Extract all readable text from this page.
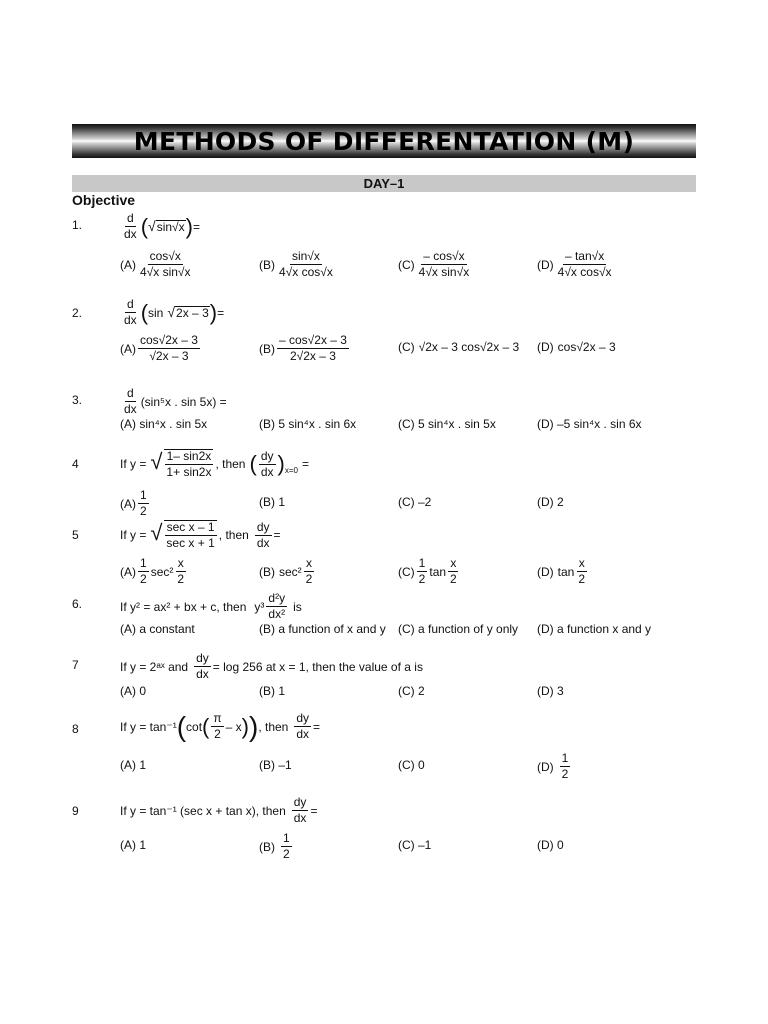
METHODS OF DIFFERENTATION (M)
DAY–1
Objective
1.	$\frac{d}{dx}$ ( √ sin√x ) =
$(A) \frac{\cos√x}{\text{4√x sin√x}}$	$(B) \frac{\sin√x}{\text{4√x cos√x}}$	$(C) \frac{- \cos√x}{\text{4√x sin√x}}$	$(D) \frac{- \tan√x}{\text{4√x cos√x}}$
2.	$\frac{d}{dx}$ ( sin √ 2x – 3 ) =
$(A) \frac{\cos√2x - 3}{√2x - 3}$	$(B) \frac{- \cos√2x - 3}{2√2x - 3}$	(C) √2x – 3 cos√2x – 3 (D) cos√2x – 3
3.	$\frac{d}{dx} (\sin^5x$ . sin 5x) =
(A) sin⁴x . sin 5x	(B) 5 sin⁴x . sin 6x	(C) 5 sin⁴x . sin 5x	(D) –5 sin⁴x . sin 6x
4	If y = √ $\frac{1- \sin 2x}{1+ \sin 2x}$ , then ( $\frac{dy}{dx}$ ) x=0 =
$(A) \frac{1}{2}$	(B) 1	(C) –2	(D) 2
5	If y = √ $\frac{\text{sec x – 1}}{\text{sec x + 1}}$ , then $\frac{dy}{dx}$ =
$(A) \frac{1}{2} \sec^2 \frac{x}{2}$	(B) $\sec^2 \frac{x}{2}$	$(C) \frac{1}{2}$ $\tan \frac{x}{2}$	(D) $\tan \frac{x}{2}$
6.	If y² = ax² + bx + c, then $y^3 \frac{\text{d²y}}{\text{dx²}}$ is
(A) a constant	(B) a function of x and y (C) a function of y only (D) a function x and y
7	If y = 2ᵃˣ and $\frac{dy}{dx} = \log 256$ at x = 1, then the value of a is
(A) 0	(B) 1	(C) 2	(D) 3
8	If y = tan⁻¹ ( cot ( $\frac{\pi}{2}$ – x ) ) , then $\frac{dy}{dx}$ =
(A) 1	(B) –1	(C) 0	$(D) \frac{1}{2}$
9	If y = tan⁻¹ (sec x + tan x), then $\frac{dy}{dx}$ =
(A) 1	$(B) \frac{1}{2}$	(C) –1	(D) 0
